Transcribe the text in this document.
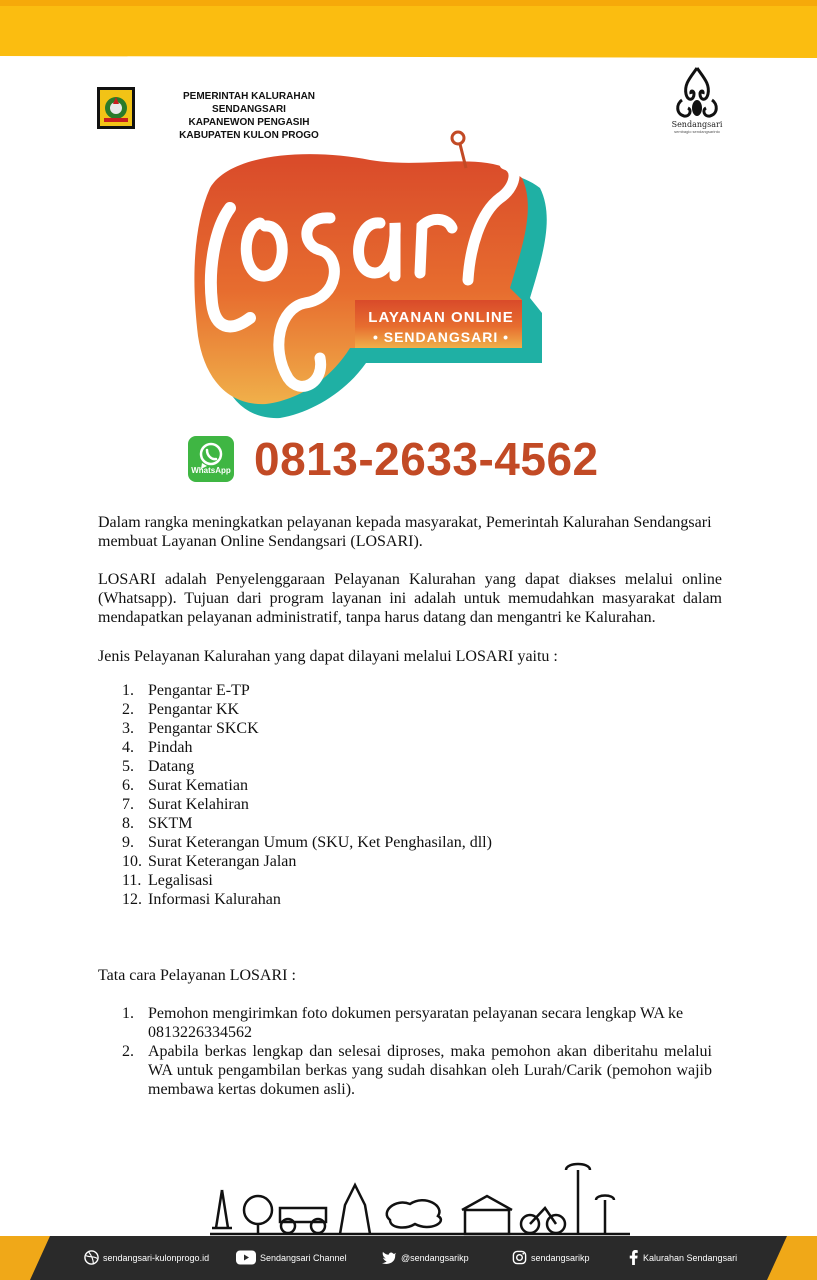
PEMERINTAH KALURAHAN SENDANGSARI
KAPANEWON PENGASIH
KABUPATEN KULON PROGO
Sendangsari
sembagio sendangsarinto
LAYANAN ONLINE
• SENDANGSARI •
WhatsApp 0813-2633-4562
Dalam rangka meningkatkan pelayanan kepada masyarakat, Pemerintah Kalurahan Sendangsari membuat Layanan Online Sendangsari (LOSARI).
LOSARI adalah Penyelenggaraan Pelayanan Kalurahan yang dapat diakses melalui online (Whatsapp). Tujuan dari program layanan ini adalah untuk memudahkan masyarakat dalam mendapatkan pelayanan administratif, tanpa harus datang dan mengantri ke Kalurahan.
Jenis Pelayanan Kalurahan yang dapat dilayani melalui LOSARI yaitu :
1. Pengantar E-TP
2. Pengantar KK
3. Pengantar SKCK
4. Pindah
5. Datang
6. Surat Kematian
7. Surat Kelahiran
8. SKTM
9. Surat Keterangan Umum (SKU, Ket Penghasilan, dll)
10. Surat Keterangan Jalan
11. Legalisasi
12. Informasi Kalurahan
Tata cara Pelayanan LOSARI :
1. Pemohon mengirimkan foto dokumen persyaratan pelayanan secara lengkap WA ke 0813226334562
2. Apabila berkas lengkap dan selesai diproses, maka pemohon akan diberitahu melalui WA untuk pengambilan berkas yang sudah disahkan oleh Lurah/Carik (pemohon wajib membawa kertas dokumen asli).
sendangsari-kulonprogo.id	Sendangsari Channel	@sendangsarikp	sendangsarikp	Kalurahan Sendangsari
